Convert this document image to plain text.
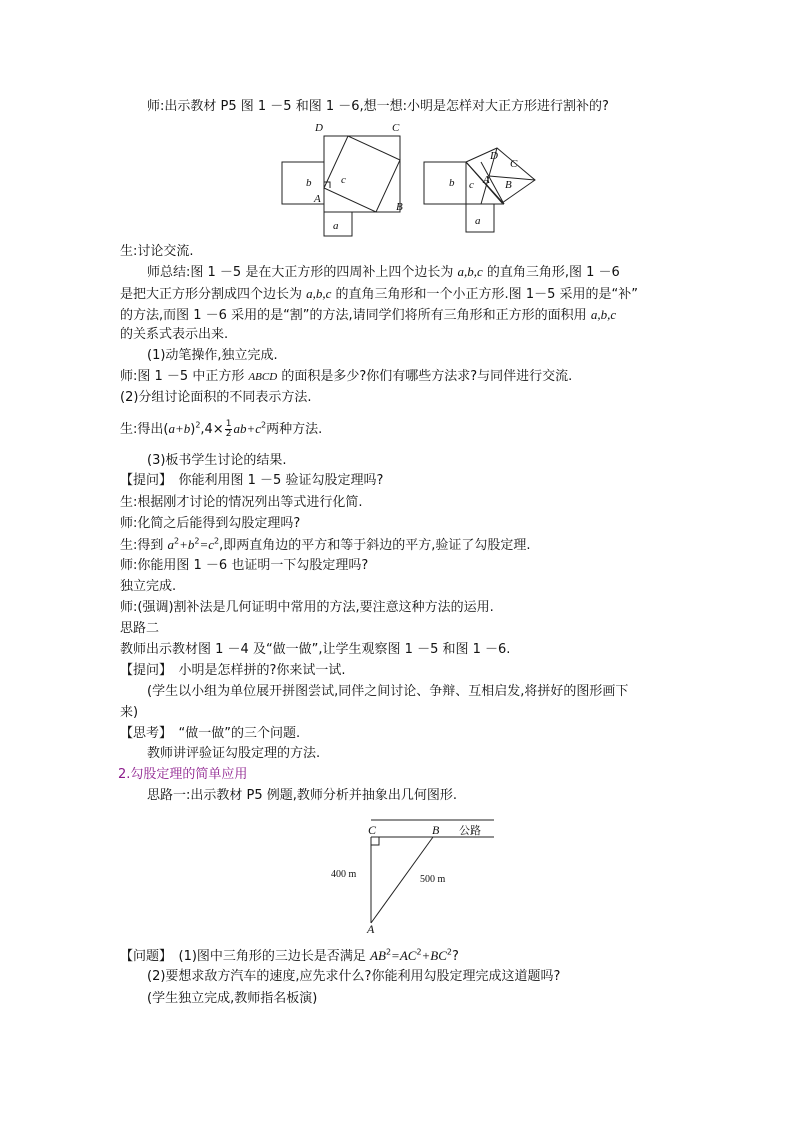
师:出示教材 P5 图 1 －5 和图 1 －6,想一想:小明是怎样对大正方形进行割补的?
D	C
b	c
A
B
a
D
C
b c A B
a
生:讨论交流.
师总结:图 1 －5 是在大正方形的四周补上四个边长为 a,b,c 的直角三角形,图 1 －6
是把大正方形分割成四个边长为 a,b,c 的直角三角形和一个小正方形.图 1－5 采用的是“补”
的方法,而图 1 －6 采用的是“割”的方法,请同学们将所有三角形和正方形的面积用 a,b,c
的关系式表示出来.
(1)动笔操作,独立完成.
师:图 1 －5 中正方形 ABCD 的面积是多少?你们有哪些方法求?与同伴进行交流.
(2)分组讨论面积的不同表示方法.
生:得出$(a+b)^2,4\times \frac{1}{2} ab+c^2$两种方法.
(3)板书学生讨论的结果.
【提问】　你能利用图 1 －5 验证勾股定理吗?
生:根据刚才讨论的情况列出等式进行化简.
师:化简之后能得到勾股定理吗?
生:得到 $a^2+b^2=c^2$,即两直角边的平方和等于斜边的平方,验证了勾股定理.
师:你能用图 1 －6 也证明一下勾股定理吗?
独立完成.
师:(强调)割补法是几何证明中常用的方法,要注意这种方法的运用.
思路二
教师出示教材图 1 －4 及“做一做”,让学生观察图 1 －5 和图 1 －6.
【提问】　小明是怎样拼的?你来试一试.
(学生以小组为单位展开拼图尝试,同伴之间讨论、争辩、互相启发,将拼好的图形画下
来)
【思考】　“做一做”的三个问题.
教师讲评验证勾股定理的方法.
2.勾股定理的简单应用
思路一:出示教材 P5 例题,教师分析并抽象出几何图形.
C	B 公路
400 m	500 m
A
【问题】　(1)图中三角形的三边长是否满足 $AB^2=AC^2+BC^2$?
(2)要想求敌方汽车的速度,应先求什么?你能利用勾股定理完成这道题吗?
(学生独立完成,教师指名板演)
